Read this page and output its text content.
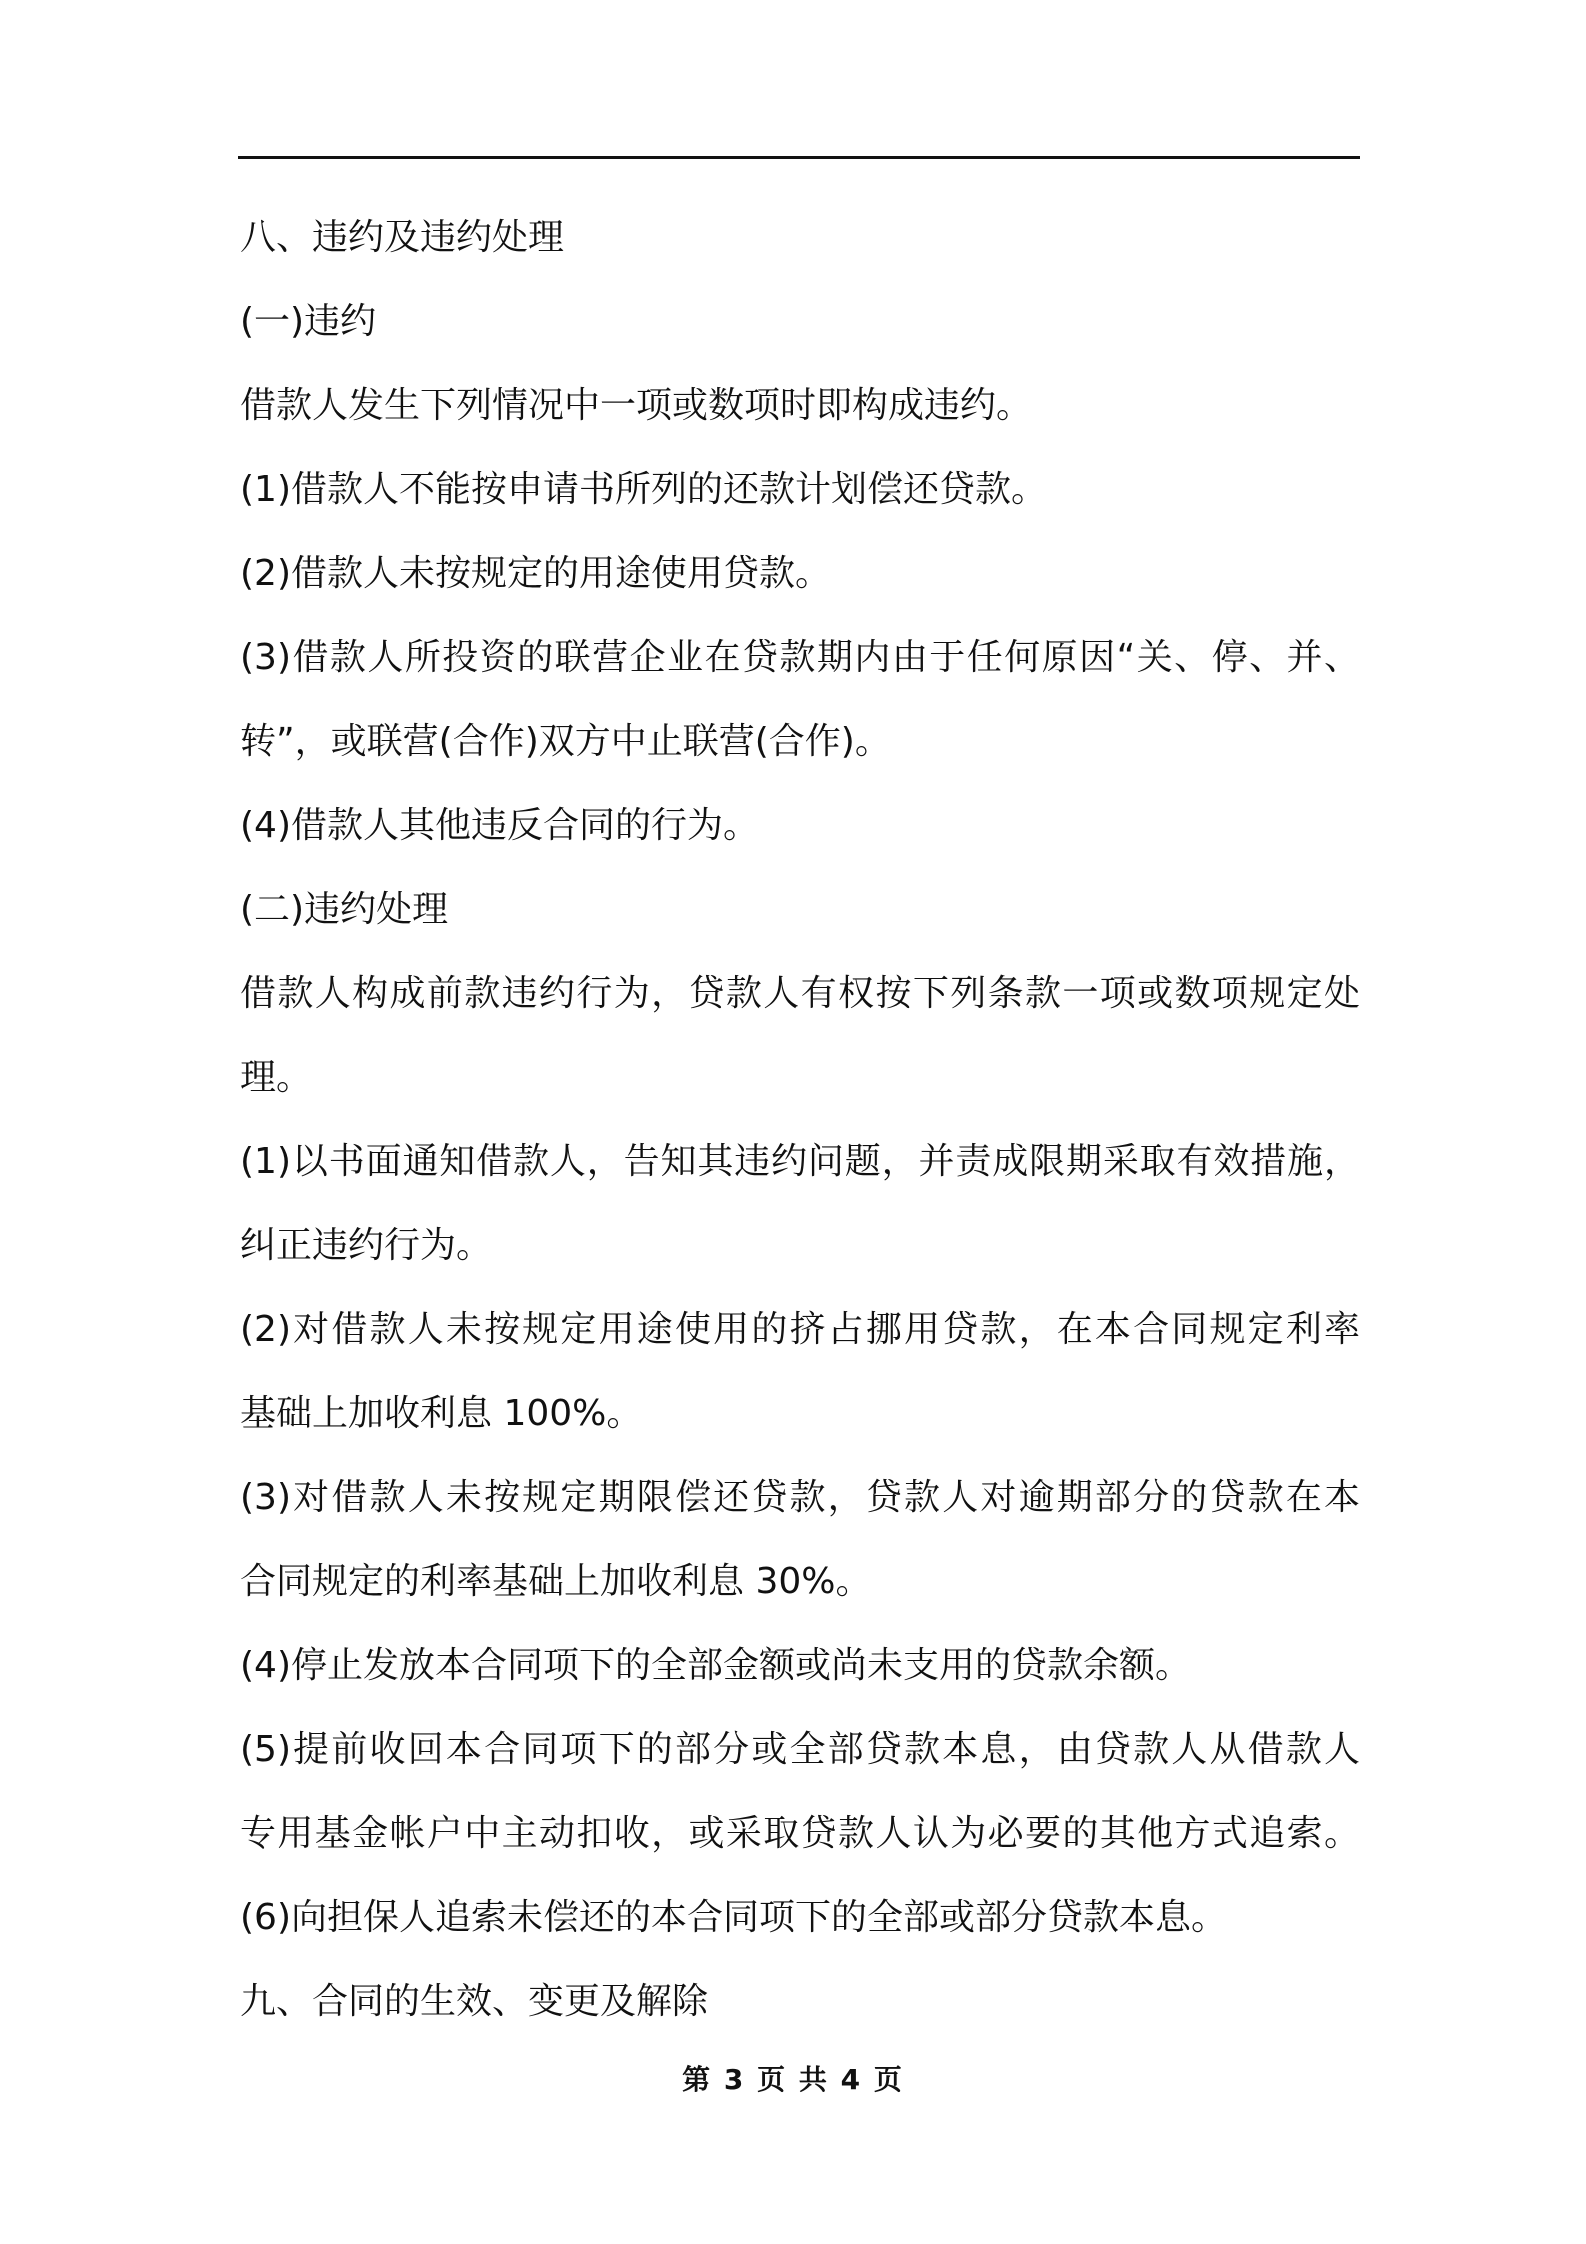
八、违约及违约处理
(一)违约
借款人发生下列情况中一项或数项时即构成违约。
(1)借款人不能按申请书所列的还款计划偿还贷款。
(2)借款人未按规定的用途使用贷款。
(3)借款人所投资的联营企业在贷款期内由于任何原因“关、停、并、
转”，或联营(合作)双方中止联营(合作)。
(4)借款人其他违反合同的行为。
(二)违约处理
借款人构成前款违约行为，贷款人有权按下列条款一项或数项规定处
理。
(1)以书面通知借款人，告知其违约问题，并责成限期采取有效措施，
纠正违约行为。
(2)对借款人未按规定用途使用的挤占挪用贷款，在本合同规定利率
基础上加收利息 100%。
(3)对借款人未按规定期限偿还贷款，贷款人对逾期部分的贷款在本
合同规定的利率基础上加收利息 30%。
(4)停止发放本合同项下的全部金额或尚未支用的贷款余额。
(5)提前收回本合同项下的部分或全部贷款本息，由贷款人从借款人
专用基金帐户中主动扣收，或采取贷款人认为必要的其他方式追索。
(6)向担保人追索未偿还的本合同项下的全部或部分贷款本息。
九、合同的生效、变更及解除
第 3 页 共 4 页
